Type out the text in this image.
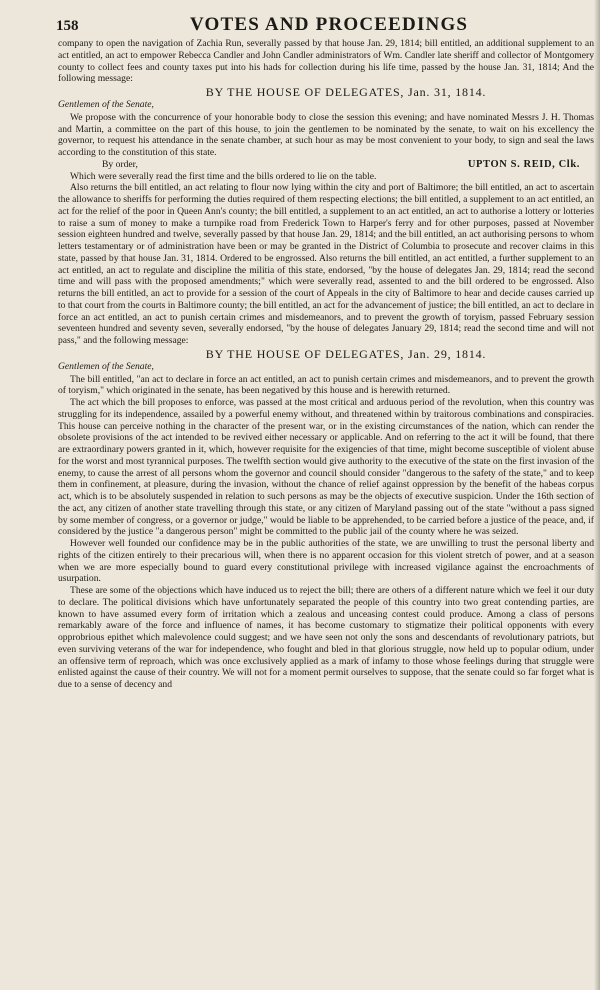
158	VOTES AND PROCEEDINGS

company to open the navigation of Zachia Run, severally passed by that house Jan. 29, 1814; bill entitled, an additional supplement to an act entitled, an act to empower Rebecca Candler and John Candler administrators of Wm. Candler late sheriff and collector of Montgomery county to collect fees and county taxes put into his hads for collection during his life time, passed by the house Jan. 31, 1814; And the following message:

BY THE HOUSE OF DELEGATES, Jan. 31, 1814.

Gentlemen of the Senate,

We propose with the concurrence of your honorable body to close the session this evening; and have nominated Messrs J. H. Thomas and Martin, a committee on the part of this house, to join the gentlemen to be nominated by the senate, to wait on his excellency the governor, to request his attendance in the senate chamber, at such hour as may be most convenient to your body, to sign and seal the laws according to the constitution of this state.

By order,	UPTON S. REID, Clk.

Which were severally read the first time and the bills ordered to lie on the table.

Also returns the bill entitled, an act relating to flour now lying within the city and port of Baltimore; the bill entitled, an act to ascertain the allowance to sheriffs for performing the duties required of them respecting elections; the bill entitled, a supplement to an act entitled, an act for the relief of the poor in Queen Ann's county; the bill entitled, a supplement to an act entitled, an act to authorise a lottery or lotteries to raise a sum of money to make a turnpike road from Frederick Town to Harper's ferry and for other purposes, passed at November session eighteen hundred and twelve, severally passed by that house Jan. 29, 1814; and the bill entitled, an act authorising persons to whom letters testamentary or of administration have been or may be granted in the District of Columbia to prosecute and recover claims in this state, passed by that house Jan. 31, 1814. Ordered to be engrossed. Also returns the bill entitled, an act entitled, a further supplement to an act entitled, an act to regulate and discipline the militia of this state, endorsed, "by the house of delegates Jan. 29, 1814; read the second time and will pass with the proposed amendments;" which were severally read, assented to and the bill ordered to be engrossed. Also returns the bill entitled, an act to provide for a session of the court of Appeals in the city of Baltimore to hear and decide causes carried up to that court from the courts in Baltimore county; the bill entitled, an act for the advancement of justice; the bill entitled, an act to declare in force an act entitled, an act to punish certain crimes and misdemeanors, and to prevent the growth of toryism, passed February session seventeen hundred and seventy seven, severally endorsed, "by the house of delegates January 29, 1814; read the second time and will not pass," and the following message:

BY THE HOUSE OF DELEGATES, Jan. 29, 1814.

Gentlemen of the Senate,

The bill entitled, "an act to declare in force an act entitled, an act to punish certain crimes and misdemeanors, and to prevent the growth of toryism," which originated in the senate, has been negatived by this house and is herewith returned.

The act which the bill proposes to enforce, was passed at the most critical and arduous period of the revolution, when this country was struggling for its independence, assailed by a powerful enemy without, and threatened within by traitorous combinations and conspiracies. This house can perceive nothing in the character of the present war, or in the existing circumstances of the nation, which can render the obsolete provisions of the act intended to be revived either necessary or applicable. And on referring to the act it will be found, that there are extraordinary powers granted in it, which, however requisite for the exigencies of that time, might become susceptible of violent abuse for the worst and most tyrannical purposes. The twelfth section would give authority to the executive of the state on the first invasion of the enemy, to cause the arrest of all persons whom the governor and council should consider "dangerous to the safety of the state," and to keep them in confinement, at pleasure, during the invasion, without the chance of relief against oppression by the benefit of the habeas corpus act, which is to be absolutely suspended in relation to such persons as may be the objects of executive suspicion. Under the 16th section of the act, any citizen of another state travelling through this state, or any citizen of Maryland passing out of the state "without a pass signed by some member of congress, or a governor or judge," would be liable to be apprehended, to be carried before a justice of the peace, and, if considered by the justice "a dangerous person" might be committed to the public jail of the county where he was seized.

However well founded our confidence may be in the public authorities of the state, we are unwilling to trust the personal liberty and rights of the citizen entirely to their precarious will, when there is no apparent occasion for this violent stretch of power, and at a season when we are more especially bound to guard every constitutional privilege with increased vigilance against the encroachments of usurpation.

These are some of the objections which have induced us to reject the bill; there are others of a different nature which we feel it our duty to declare. The political divisions which have unfortunately separated the people of this country into two great contending parties, are known to have assumed every form of irritation which a zealous and unceasing contest could produce. Among a class of persons remarkably aware of the force and influence of names, it has become customary to stigmatize their political opponents with every opprobrious epithet which malevolence could suggest; and we have seen not only the sons and descendants of revolutionary patriots, but even surviving veterans of the war for independence, who fought and bled in that glorious struggle, now held up to popular odium, under an offensive term of reproach, which was once exclusively applied as a mark of infamy to those whose feelings during that struggle were enlisted against the cause of their country. We will not for a moment permit ourselves to suppose, that the senate could so far forget what is due to a sense of decency and
